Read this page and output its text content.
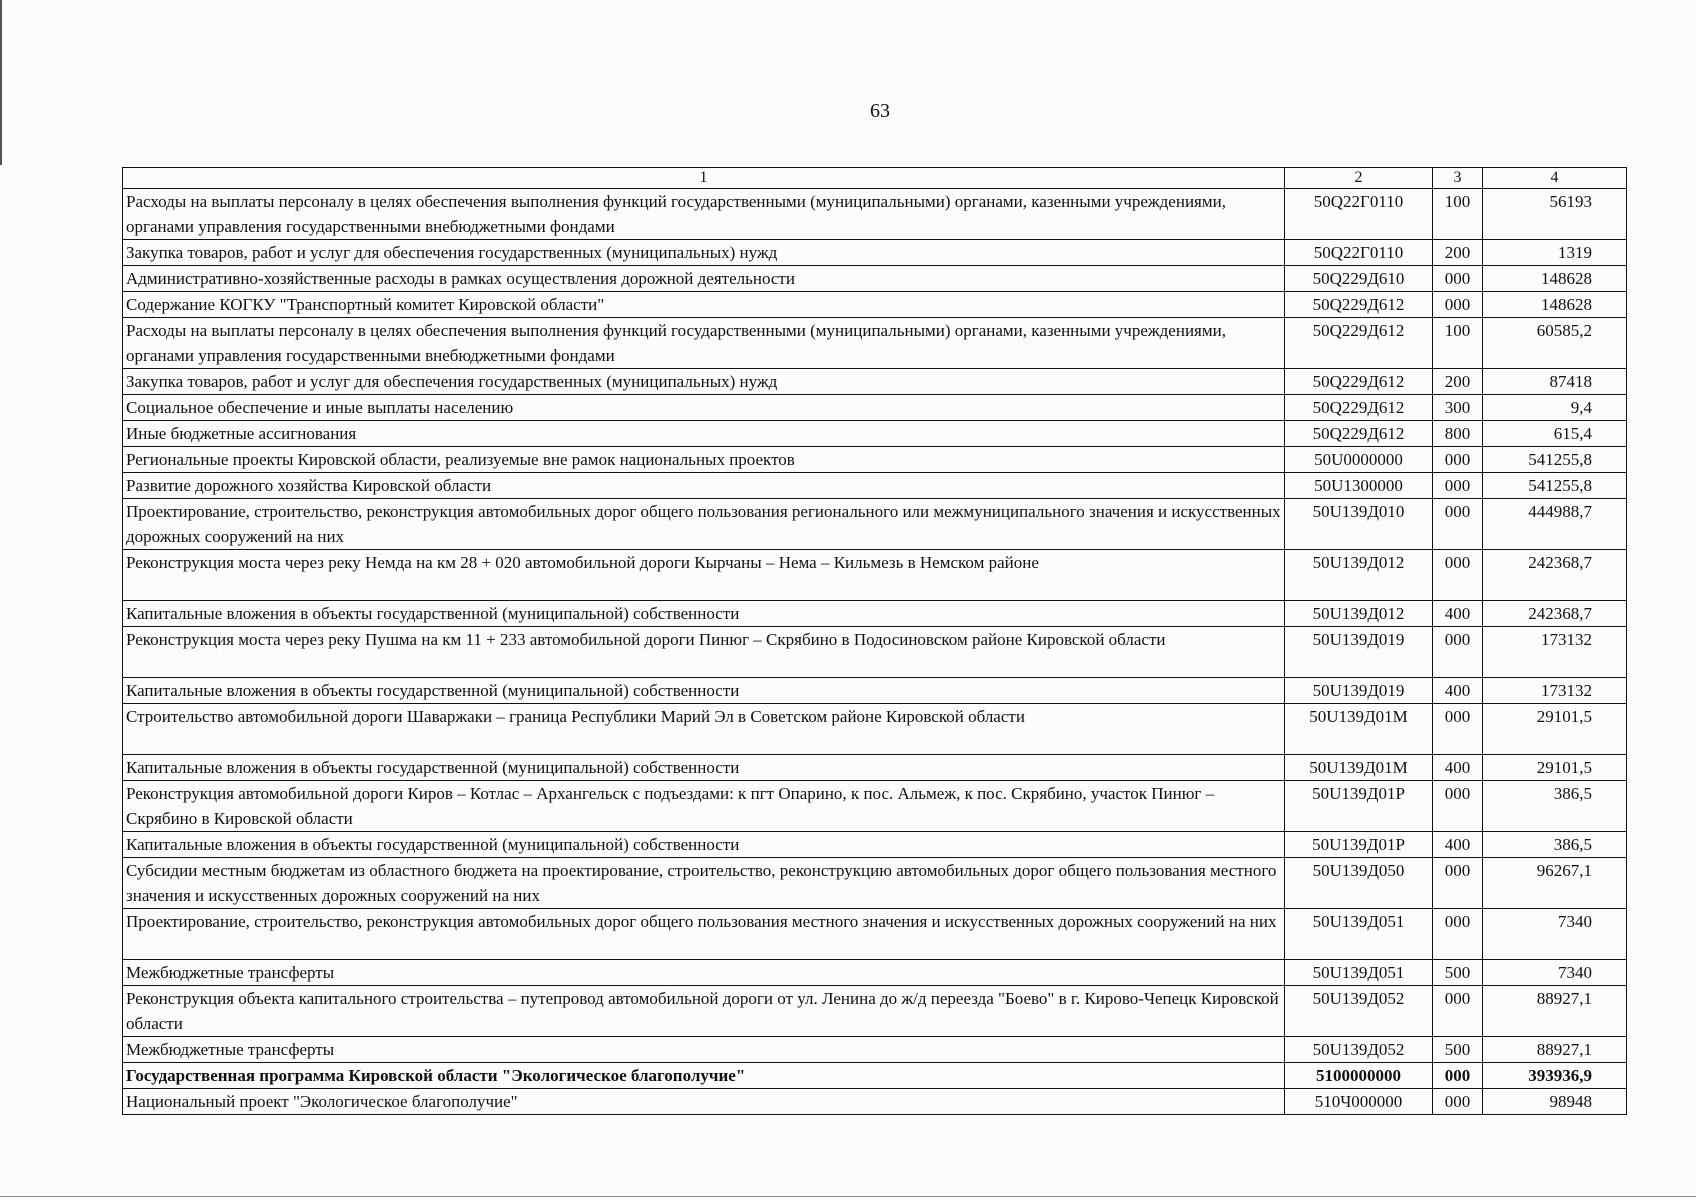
63
1	2	3	4
Расходы на выплаты персоналу в целях обеспечения выполнения функций государственными (муниципальными) органами, казенными учреждениями, органами управления государственными внебюджетными фондами	50Q22Г0110	100	56193
Закупка товаров, работ и услуг для обеспечения государственных (муниципальных) нужд	50Q22Г0110	200	1319
Административно-хозяйственные расходы в рамках осуществления дорожной деятельности	50Q229Д610	000	148628
Содержание КОГКУ "Транспортный комитет Кировской области"	50Q229Д612	000	148628
Расходы на выплаты персоналу в целях обеспечения выполнения функций государственными (муниципальными) органами, казенными учреждениями, органами управления государственными внебюджетными фондами	50Q229Д612	100	60585,2
Закупка товаров, работ и услуг для обеспечения государственных (муниципальных) нужд	50Q229Д612	200	87418
Социальное обеспечение и иные выплаты населению	50Q229Д612	300	9,4
Иные бюджетные ассигнования	50Q229Д612	800	615,4
Региональные проекты Кировской области, реализуемые вне рамок национальных проектов	50U0000000	000	541255,8
Развитие дорожного хозяйства Кировской области	50U1300000	000	541255,8
Проектирование, строительство, реконструкция автомобильных дорог общего пользования регионального или межмуниципального значения и искусственных дорожных сооружений на них	50U139Д010	000	444988,7
Реконструкция моста через реку Немда на км 28 + 020 автомобильной дороги Кырчаны – Нема – Кильмезь в Немском районе	50U139Д012	000	242368,7
Капитальные вложения в объекты государственной (муниципальной) собственности	50U139Д012	400	242368,7
Реконструкция моста через реку Пушма на км 11 + 233 автомобильной дороги Пинюг – Скрябино в Подосиновском районе Кировской области	50U139Д019	000	173132
Капитальные вложения в объекты государственной (муниципальной) собственности	50U139Д019	400	173132
Строительство автомобильной дороги Шаваржаки – граница Республики Марий Эл в Советском районе Кировской области	50U139Д01М	000	29101,5
Капитальные вложения в объекты государственной (муниципальной) собственности	50U139Д01М	400	29101,5
Реконструкция автомобильной дороги Киров – Котлас – Архангельск с подъездами: к пгт Опарино, к пос. Альмеж, к пос. Скрябино, участок Пинюг – Скрябино в Кировской области	50U139Д01Р	000	386,5
Капитальные вложения в объекты государственной (муниципальной) собственности	50U139Д01Р	400	386,5
Субсидии местным бюджетам из областного бюджета на проектирование, строительство, реконструкцию автомобильных дорог общего пользования местного значения и искусственных дорожных сооружений на них	50U139Д050	000	96267,1
Проектирование, строительство, реконструкция автомобильных дорог общего пользования местного значения и искусственных дорожных сооружений на них	50U139Д051	000	7340
Межбюджетные трансферты	50U139Д051	500	7340
Реконструкция объекта капитального строительства – путепровод автомобильной дороги от ул. Ленина до ж/д переезда "Боево" в г. Кирово-Чепецк Кировской области	50U139Д052	000	88927,1
Межбюджетные трансферты	50U139Д052	500	88927,1
Государственная программа Кировской области "Экологическое благополучие"	5100000000	000	393936,9
Национальный проект "Экологическое благополучие"	510Ч000000	000	98948
